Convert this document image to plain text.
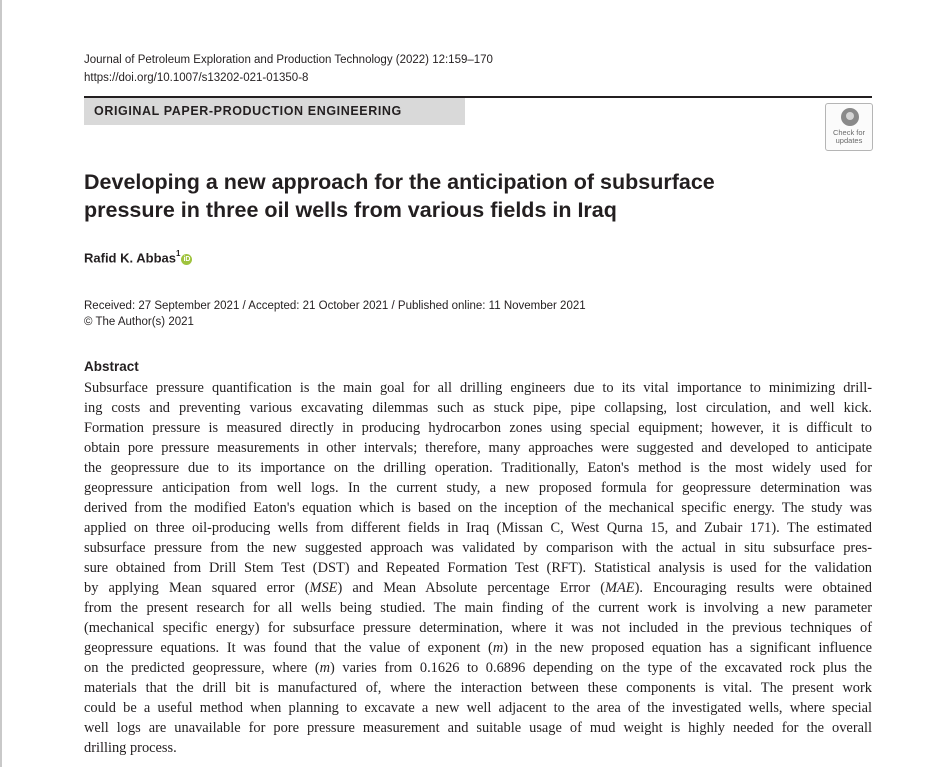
Journal of Petroleum Exploration and Production Technology (2022) 12:159–170
https://doi.org/10.1007/s13202-021-01350-8
ORIGINAL PAPER-PRODUCTION ENGINEERING
Check for
updates
Developing a new approach for the anticipation of subsurface
pressure in three oil wells from various fields in Iraq
Rafid K. Abbas$^1$iD
Received: 27 September 2021 / Accepted: 21 October 2021 / Published online: 11 November 2021
© The Author(s) 2021
Abstract
Subsurface pressure quantification is the main goal for all drilling engineers due to its vital importance to minimizing drill-
ing costs and preventing various excavating dilemmas such as stuck pipe, pipe collapsing, lost circulation, and well kick.
Formation pressure is measured directly in producing hydrocarbon zones using special equipment; however, it is difficult to
obtain pore pressure measurements in other intervals; therefore, many approaches were suggested and developed to anticipate
the geopressure due to its importance on the drilling operation. Traditionally, Eaton's method is the most widely used for
geopressure anticipation from well logs. In the current study, a new proposed formula for geopressure determination was
derived from the modified Eaton's equation which is based on the inception of the mechanical specific energy. The study was
applied on three oil-producing wells from different fields in Iraq (Missan C, West Qurna 15, and Zubair 171). The estimated
subsurface pressure from the new suggested approach was validated by comparison with the actual in situ subsurface pres-
sure obtained from Drill Stem Test (DST) and Repeated Formation Test (RFT). Statistical analysis is used for the validation
by applying Mean squared error (MSE) and Mean Absolute percentage Error (MAE). Encouraging results were obtained
from the present research for all wells being studied. The main finding of the current work is involving a new parameter
(mechanical specific energy) for subsurface pressure determination, where it was not included in the previous techniques of
geopressure equations. It was found that the value of exponent (m) in the new proposed equation has a significant influence
on the predicted geopressure, where (m) varies from 0.1626 to 0.6896 depending on the type of the excavated rock plus the
materials that the drill bit is manufactured of, where the interaction between these components is vital. The present work
could be a useful method when planning to excavate a new well adjacent to the area of the investigated wells, where special
well logs are unavailable for pore pressure measurement and suitable usage of mud weight is highly needed for the overall
drilling process.
